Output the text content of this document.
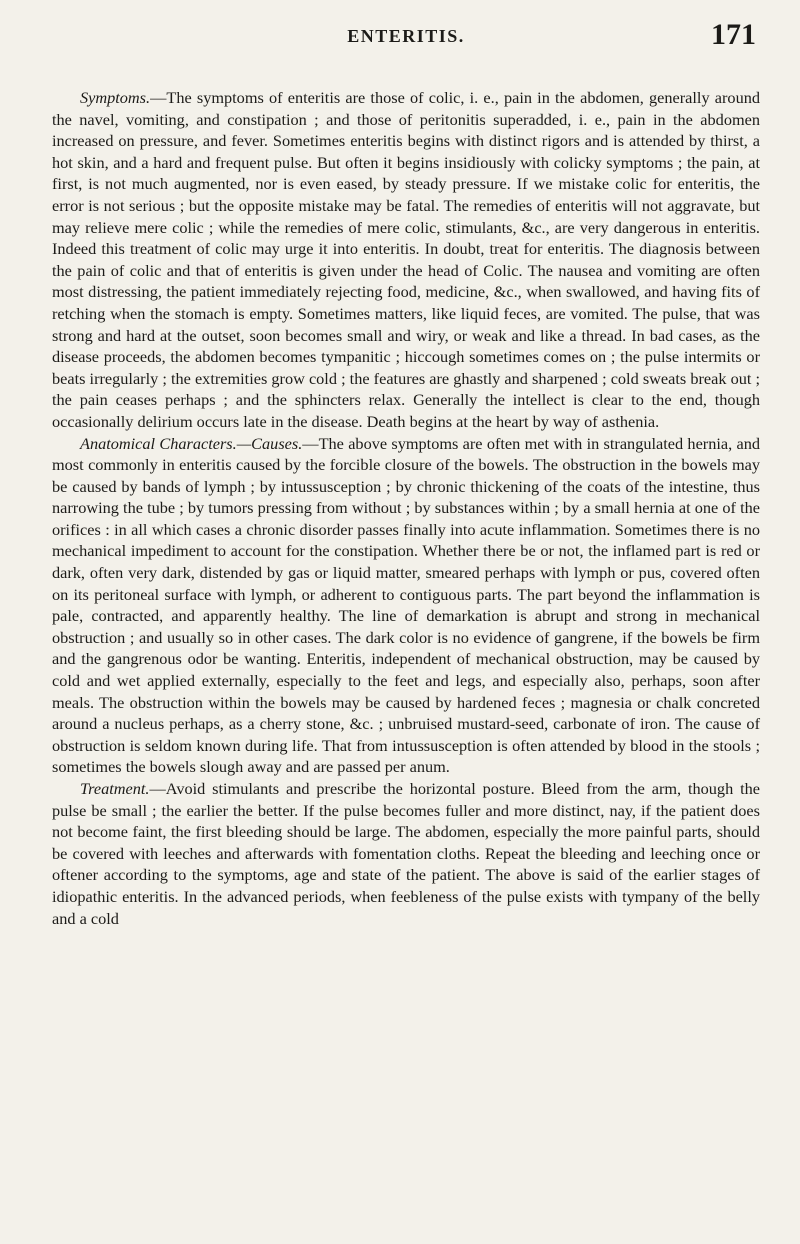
ENTERITIS.	171

Symptoms.—The symptoms of enteritis are those of colic, i. e., pain in the abdomen, generally around the navel, vomiting, and constipation ; and those of peritonitis superadded, i. e., pain in the abdomen increased on pressure, and fever. Sometimes enteritis begins with distinct rigors and is attended by thirst, a hot skin, and a hard and frequent pulse. But often it begins insidiously with colicky symptoms ; the pain, at first, is not much augmented, nor is even eased, by steady pressure. If we mistake colic for enteritis, the error is not serious ; but the opposite mistake may be fatal. The remedies of enteritis will not aggravate, but may relieve mere colic ; while the remedies of mere colic, stimulants, &c., are very dangerous in enteritis. Indeed this treatment of colic may urge it into enteritis. In doubt, treat for enteritis. The diagnosis between the pain of colic and that of enteritis is given under the head of Colic. The nausea and vomiting are often most distressing, the patient immediately rejecting food, medicine, &c., when swallowed, and having fits of retching when the stomach is empty. Sometimes matters, like liquid feces, are vomited. The pulse, that was strong and hard at the outset, soon becomes small and wiry, or weak and like a thread. In bad cases, as the disease proceeds, the abdomen becomes tympanitic ; hiccough sometimes comes on ; the pulse intermits or beats irregularly ; the extremities grow cold ; the features are ghastly and sharpened ; cold sweats break out ; the pain ceases perhaps ; and the sphincters relax. Generally the intellect is clear to the end, though occasionally delirium occurs late in the disease. Death begins at the heart by way of asthenia.

Anatomical Characters.—Causes.—The above symptoms are often met with in strangulated hernia, and most commonly in enteritis caused by the forcible closure of the bowels. The obstruction in the bowels may be caused by bands of lymph ; by intussusception ; by chronic thickening of the coats of the intestine, thus narrowing the tube ; by tumors pressing from without ; by substances within ; by a small hernia at one of the orifices : in all which cases a chronic disorder passes finally into acute inflammation. Sometimes there is no mechanical impediment to account for the constipation. Whether there be or not, the inflamed part is red or dark, often very dark, distended by gas or liquid matter, smeared perhaps with lymph or pus, covered often on its peritoneal surface with lymph, or adherent to contiguous parts. The part beyond the inflammation is pale, contracted, and apparently healthy. The line of demarkation is abrupt and strong in mechanical obstruction ; and usually so in other cases. The dark color is no evidence of gangrene, if the bowels be firm and the gangrenous odor be wanting. Enteritis, independent of mechanical obstruction, may be caused by cold and wet applied externally, especially to the feet and legs, and especially also, perhaps, soon after meals. The obstruction within the bowels may be caused by hardened feces ; magnesia or chalk concreted around a nucleus perhaps, as a cherry stone, &c. ; unbruised mustard-seed, carbonate of iron. The cause of obstruction is seldom known during life. That from intussusception is often attended by blood in the stools ; sometimes the bowels slough away and are passed per anum.

Treatment.—Avoid stimulants and prescribe the horizontal posture. Bleed from the arm, though the pulse be small ; the earlier the better. If the pulse becomes fuller and more distinct, nay, if the patient does not become faint, the first bleeding should be large. The abdomen, especially the more painful parts, should be covered with leeches and afterwards with fomentation cloths. Repeat the bleeding and leeching once or oftener according to the symptoms, age and state of the patient. The above is said of the earlier stages of idiopathic enteritis. In the advanced periods, when feebleness of the pulse exists with tympany of the belly and a cold
